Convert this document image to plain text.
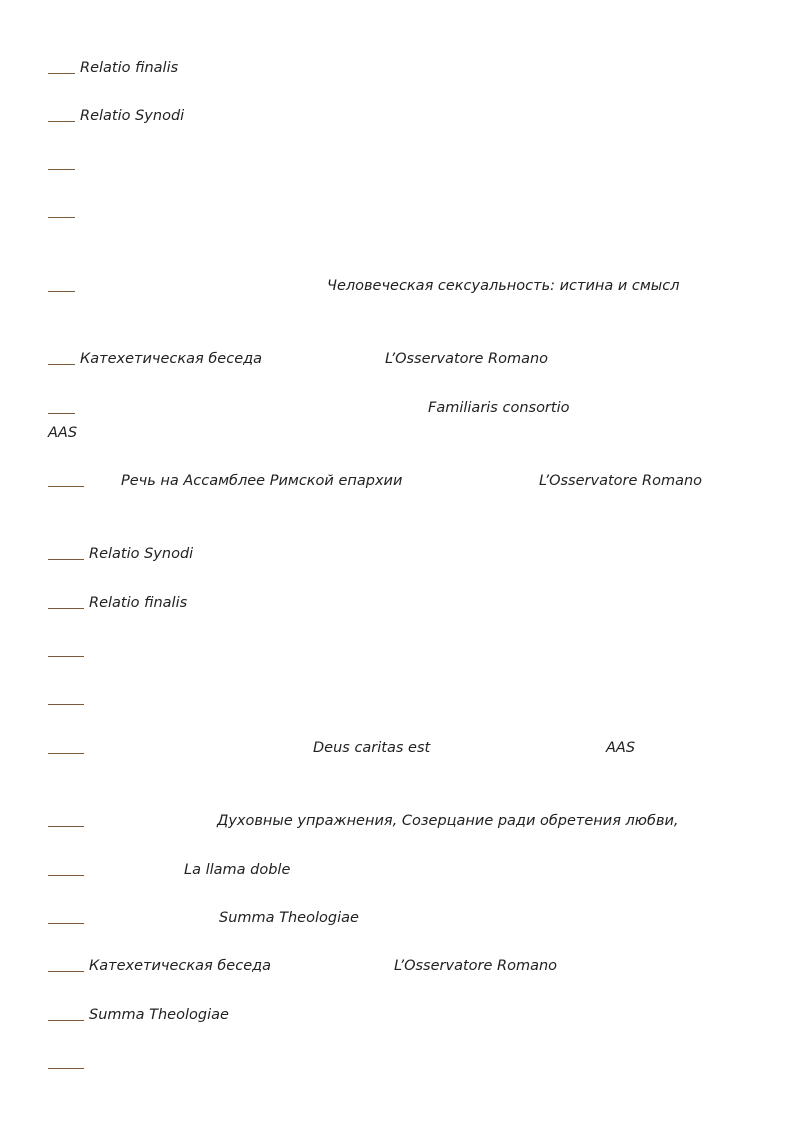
Relatio finalis
Relatio Synodi
Человеческая сексуальность: истина и смысл
Катехетическая беседа	L’Osservatore Romano
Familiaris consortio
AAS
Речь на Ассамблее Римской епархии	L’Osservatore Romano
Relatio Synodi
Relatio finalis
Deus caritas est	AAS
Духовные упражнения, Созерцание ради обретения любви,
La llama doble
Summa Theologiae
Катехетическая беседа	L’Osservatore Romano
Summa Theologiae
